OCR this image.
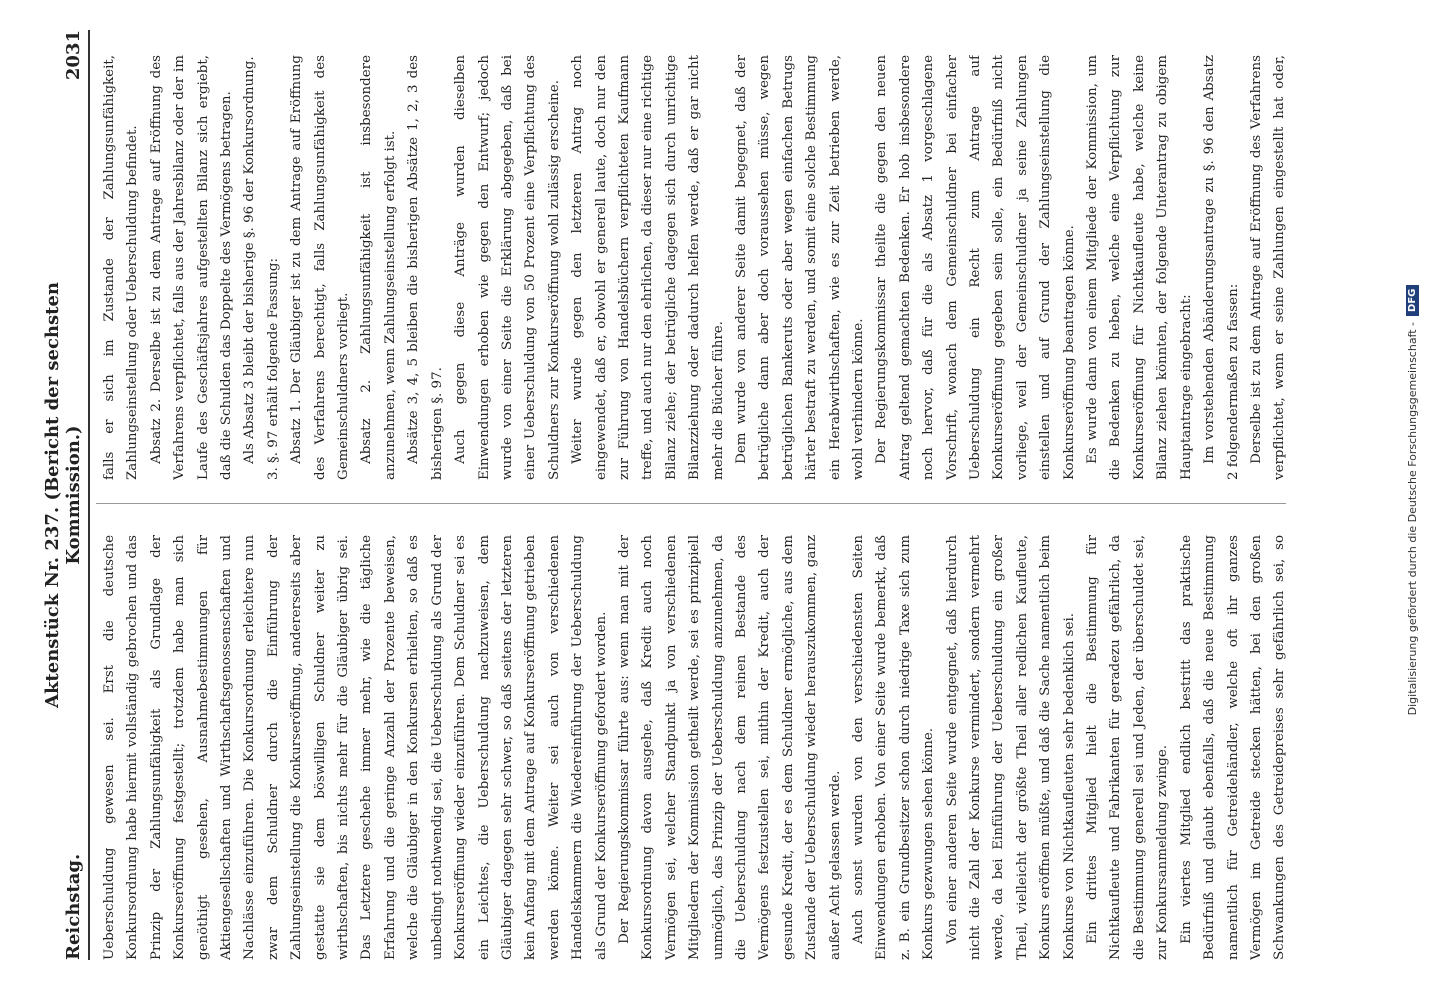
Reichstag.
Aktenstück Nr. 237. (Bericht der sechsten Kommission.)
2031

Ueberschuldung gewesen sei. Erst die deutsche Konkursordnung habe hiermit vollständig gebrochen und das Prinzip der Zahlungsunfähigkeit als Grundlage der Konkurseröffnung festgestellt; trotzdem habe man sich genöthigt gesehen, Ausnahmebestimmungen für Aktiengesellschaften und Wirthschaftsgenossenschaften und Nachlässe einzuführen. Die Konkursordnung erleichtere nun zwar dem Schuldner durch die Einführung der Zahlungseinstellung die Konkurseröffnung, andererseits aber gestatte sie dem böswilligen Schuldner weiter zu wirthschaften, bis nichts mehr für die Gläubiger übrig sei. Das Letztere geschehe immer mehr, wie die tägliche Erfahrung und die geringe Anzahl der Prozente beweisen, welche die Gläubiger in den Konkursen erhielten, so daß es unbedingt nothwendig sei, die Ueberschuldung als Grund der Konkurseröffnung wieder einzuführen. Dem Schuldner sei es ein Leichtes, die Ueberschuldung nachzuweisen, dem Gläubiger dagegen sehr schwer, so daß seitens der letzteren kein Anfang mit dem Antrage auf Konkurseröffnung getrieben werden könne. Weiter sei auch von verschiedenen Handelskammern die Wiedereinführung der Ueberschuldung als Grund der Konkurseröffnung gefordert worden. Der Regierungskommissar führte aus: wenn man mit der Konkursordnung davon ausgehe, daß Kredit auch noch Vermögen sei, welcher Standpunkt ja von verschiedenen Mitgliedern der Kommission getheilt werde, sei es prinzipiell unmöglich, das Prinzip der Ueberschuldung anzunehmen, da die Ueberschuldung nach dem reinen Bestande des Vermögens festzustellen sei, mithin der Kredit, auch der gesunde Kredit, der es dem Schuldner ermögliche, aus dem Zustande der Ueberschuldung wieder herauszukommen, ganz außer Acht gelassen werde. Auch sonst wurden von den verschiedensten Seiten Einwendungen erhoben. Von einer Seite wurde bemerkt, daß z. B. ein Grundbesitzer schon durch niedrige Taxe sich zum Konkurs gezwungen sehen könne. Von einer anderen Seite wurde entgegnet, daß hierdurch nicht die Zahl der Konkurse vermindert, sondern vermehrt werde, da bei Einführung der Ueberschuldung ein großer Theil, vielleicht der größte Theil aller redlichen Kaufleute, Konkurs eröffnen müßte, und daß die Sache namentlich beim Konkurse von Nichtkaufleuten sehr bedenklich sei. Ein drittes Mitglied hielt die Bestimmung für Nichtkaufleute und Fabrikanten für geradezu gefährlich, da die Bestimmung generell sei und Jeden, der überschuldet sei, zur Konkursanmeldung zwinge. Ein viertes Mitglied endlich bestritt das praktische Bedürfniß und glaubt ebenfalls, daß die neue Bestimmung namentlich für Getreidehändler, welche oft ihr ganzes Vermögen im Getreide stecken hätten, bei den großen Schwankungen des Getreidepreises sehr gefährlich sei, so

falls er sich im Zustande der Zahlungsunfähigkeit, Zahlungseinstellung oder Ueberschuldung befindet. Absatz 2. Derselbe ist zu dem Antrage auf Eröffnung des Verfahrens verpflichtet, falls aus der Jahresbilanz oder der im Laufe des Geschäftsjahres aufgestellten Bilanz sich ergiebt, daß die Schulden das Doppelte des Vermögens betragen. Als Absatz 3 bleibt der bisherige §. 96 der Konkursordnung. 3. §. 97 erhält folgende Fassung: Absatz 1. Der Gläubiger ist zu dem Antrage auf Eröffnung des Verfahrens berechtigt, falls Zahlungsunfähigkeit des Gemeinschuldners vorliegt. Absatz 2. Zahlungsunfähigkeit ist insbesondere anzunehmen, wenn Zahlungseinstellung erfolgt ist. Absätze 3, 4, 5 bleiben die bisherigen Absätze 1, 2, 3 des bisherigen §. 97. Auch gegen diese Anträge wurden dieselben Einwendungen erhoben wie gegen den Entwurf; jedoch wurde von einer Seite die Erklärung abgegeben, daß bei einer Ueberschuldung von 50 Prozent eine Verpflichtung des Schuldners zur Konkurseröffnung wohl zulässig erscheine. Weiter wurde gegen den letzteren Antrag noch eingewendet, daß er, obwohl er generell laute, doch nur den zur Führung von Handelsbüchern verpflichteten Kaufmann treffe, und auch nur den ehrlichen, da dieser nur eine richtige Bilanz ziehe; der betrügliche dagegen sich durch unrichtige Bilanzziehung oder dadurch helfen werde, daß er gar nicht mehr die Bücher führe. Dem wurde von anderer Seite damit begegnet, daß der betrügliche dann aber doch voraussehen müsse, wegen betrüglichen Bankeruts oder aber wegen einfachen Betrugs härter bestraft zu werden, und somit eine solche Bestimmung ein Herabwirthschaften, wie es zur Zeit betrieben werde, wohl verhindern könne. Der Regierungskommissar theilte die gegen den neuen Antrag geltend gemachten Bedenken. Er hob insbesondere noch hervor, daß für die als Absatz 1 vorgeschlagene Vorschrift, wonach dem Gemeinschuldner bei einfacher Ueberschuldung ein Recht zum Antrage auf Konkurseröffnung gegeben sein solle, ein Bedürfniß nicht vorliege, weil der Gemeinschuldner ja seine Zahlungen einstellen und auf Grund der Zahlungseinstellung die Konkurseröffnung beantragen könne. Es wurde dann von einem Mitgliede der Kommission, um die Bedenken zu heben, welche eine Verpflichtung zur Konkurseröffnung für Nichtkaufleute habe, welche keine Bilanz ziehen könnten, der folgende Unterantrag zu obigem Hauptantrage eingebracht: Im vorstehenden Abänderungsantrage zu §. 96 den Absatz 2 folgendermaßen zu fassen: Derselbe ist zu dem Antrage auf Eröffnung des Verfahrens verpflichtet, wenn er seine Zahlungen eingestellt hat oder,

Digitalisierung gefördert durch die Deutsche Forschungsgemeinschaft -
DFG
